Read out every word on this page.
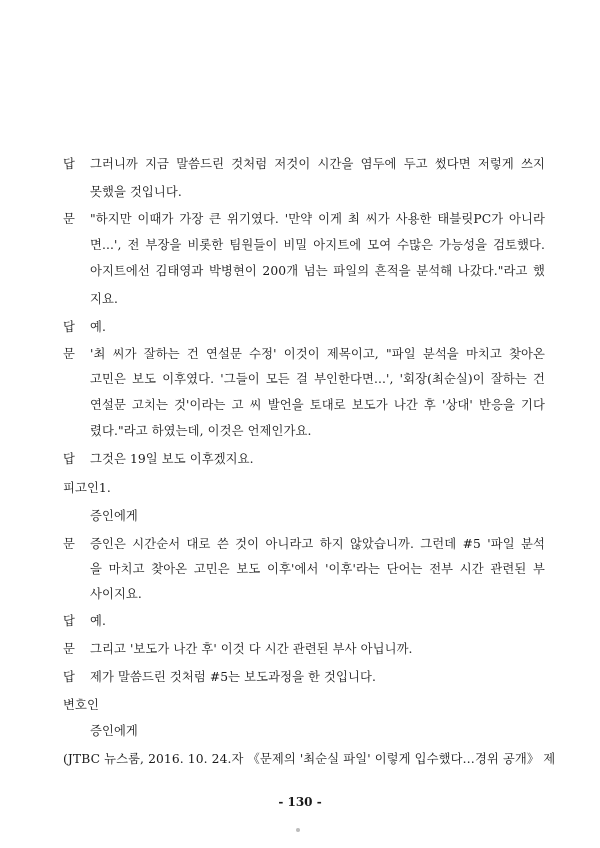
답 그러니까 지금 말씀드린 것처럼 저것이 시간을 염두에 두고 썼다면 저렇게 쓰지
못했을 것입니다.
문 "하지만 이때가 가장 큰 위기였다. '만약 이게 최 씨가 사용한 태블릿PC가 아니라
면...', 전 부장을 비롯한 팀원들이 비밀 아지트에 모여 수많은 가능성을 검토했다.
아지트에선 김태영과 박병현이 200개 넘는 파일의 흔적을 분석해 나갔다."라고 했
지요.
답 예.
문 '최 씨가 잘하는 건 연설문 수정' 이것이 제목이고, "파일 분석을 마치고 찾아온
고민은 보도 이후였다. '그들이 모든 걸 부인한다면...', '회장(최순실)이 잘하는 건
연설문 고치는 것'이라는 고 씨 발언을 토대로 보도가 나간 후 '상대' 반응을 기다
렸다."라고 하였는데, 이것은 언제인가요.
답 그것은 19일 보도 이후겠지요.
피고인1.
증인에게
문 증인은 시간순서 대로 쓴 것이 아니라고 하지 않았습니까. 그런데 #5 '파일 분석
을 마치고 찾아온 고민은 보도 이후'에서 '이후'라는 단어는 전부 시간 관련된 부
사이지요.
답 예.
문 그리고 '보도가 나간 후' 이것 다 시간 관련된 부사 아닙니까.
답 제가 말씀드린 것처럼 #5는 보도과정을 한 것입니다.
변호인
증인에게
(JTBC 뉴스룸, 2016. 10. 24.자 《문제의 '최순실 파일' 이렇게 입수했다…경위 공개》 제
- 130 -
